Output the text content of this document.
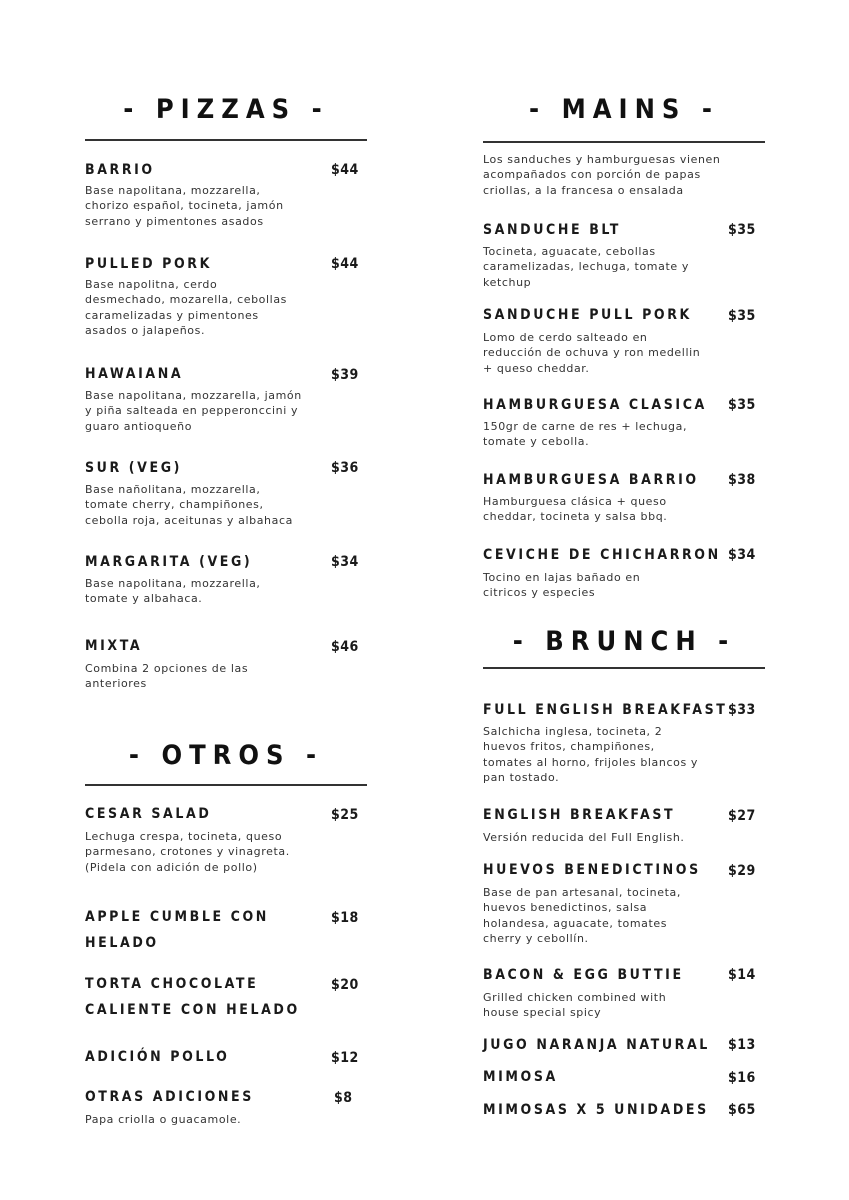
- PIZZAS -
BARRIO	$44
Base napolitana, mozzarella,
chorizo español, tocineta, jamón
serrano y pimentones asados
PULLED PORK	$44
Base napolitna, cerdo
desmechado, mozarella, cebollas
caramelizadas y pimentones
asados o jalapeños.
HAWAIANA	$39
Base napolitana, mozzarella, jamón
y piña salteada en pepperonccini y
guaro antioqueño
SUR (VEG)	$36
Base nañolitana, mozzarella,
tomate cherry, champiñones,
cebolla roja, aceitunas y albahaca
MARGARITA (VEG)	$34
Base napolitana, mozzarella,
tomate y albahaca.
MIXTA	$46
Combina 2 opciones de las
anteriores
- OTROS -
CESAR SALAD	$25
Lechuga crespa, tocineta, queso
parmesano, crotones y vinagreta.
(Pidela con adición de pollo)
APPLE CUMBLE CON
HELADO
$18
TORTA CHOCOLATE
CALIENTE CON HELADO
$20
ADICIÓN POLLO	$12
OTRAS ADICIONES	$8
Papa criolla o guacamole.
- MAINS -
Los sanduches y hamburguesas vienen
acompañados con porción de papas
criollas, a la francesa o ensalada
SANDUCHE BLT	$35
Tocineta, aguacate, cebollas
caramelizadas, lechuga, tomate y
ketchup
SANDUCHE PULL PORK	$35
Lomo de cerdo salteado en
reducción de ochuva y ron medellin
+ queso cheddar.
HAMBURGUESA CLASICA $35
150gr de carne de res + lechuga,
tomate y cebolla.
HAMBURGUESA BARRIO $38
Hamburguesa clásica + queso
cheddar, tocineta y salsa bbq.
CEVICHE DE CHICHARRON $34
Tocino en lajas bañado en
citricos y especies
- BRUNCH -
FULL ENGLISH BREAKFAST $33
Salchicha inglesa, tocineta, 2
huevos fritos, champiñones,
tomates al horno, frijoles blancos y
pan tostado.
ENGLISH BREAKFAST	$27
Versión reducida del Full English.
HUEVOS BENEDICTINOS $29
Base de pan artesanal, tocineta,
huevos benedictinos, salsa
holandesa, aguacate, tomates
cherry y cebollín.
BACON & EGG BUTTIE	$14
Grilled chicken combined with
house special spicy
JUGO NARANJA NATURAL $13
MIMOSA	$16
MIMOSAS X 5 UNIDADES $65
